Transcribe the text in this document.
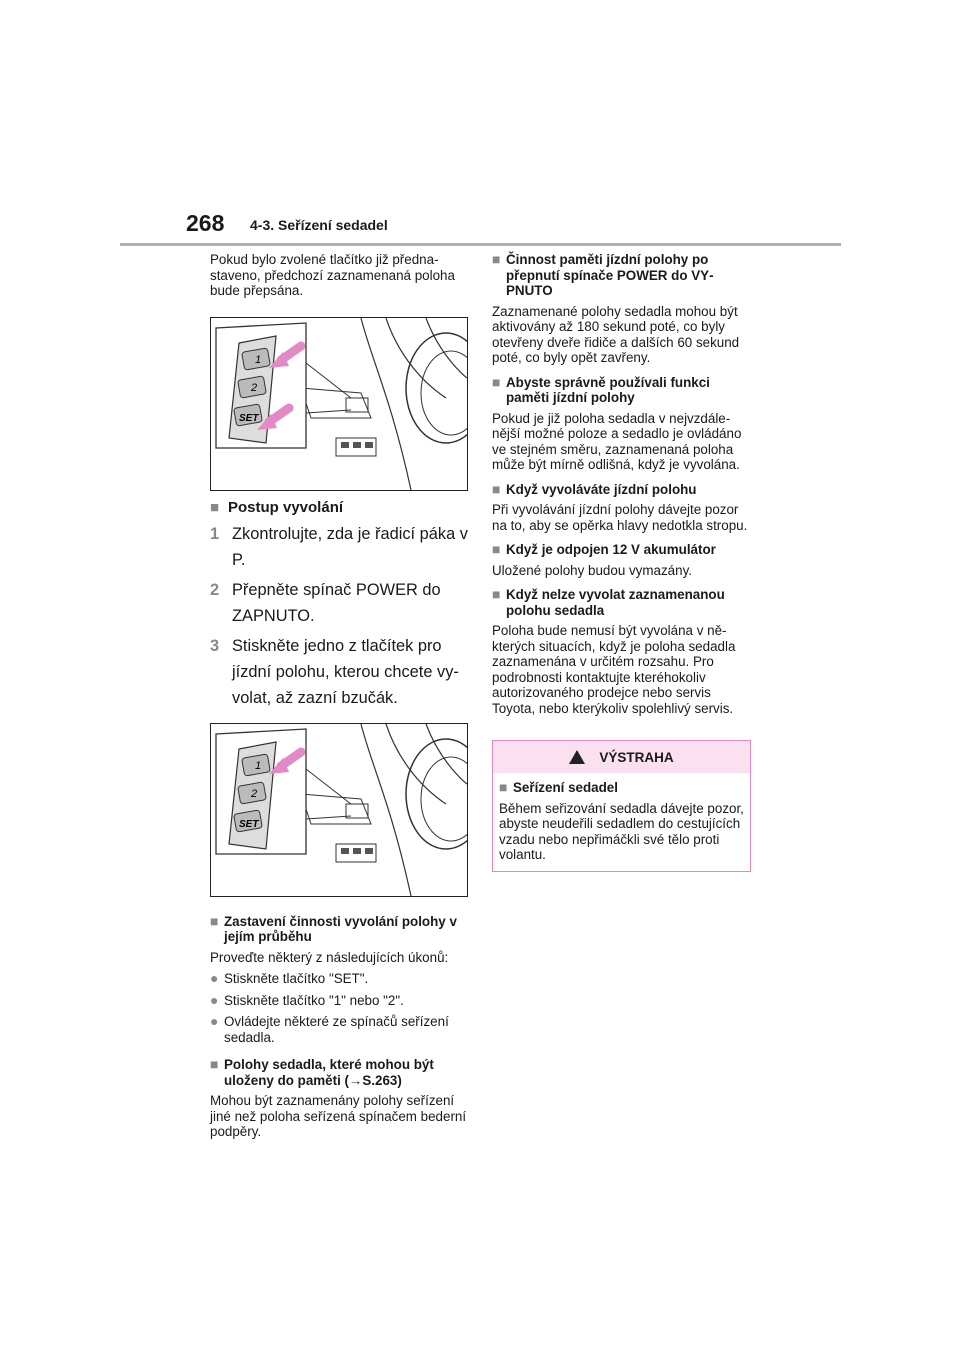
268 4-3. Seřízení sedadel

Pokud bylo zvolené tlačítko již přednastaveno, předchozí zaznamenaná poloha bude přepsána.

1
2
SET
■ Postup vyvolání
1 Zkontrolujte, zda je řadicí páka v P.
2 Přepněte spínač POWER do ZAPNUTO.
3 Stiskněte jedno z tlačítek pro jízdní polohu, kterou chcete vyvolat, až zazní bzučák.
1
2
SET
■ Zastavení činnosti vyvolání polohy v jejím průběhu

Proveďte některý z následujících úkonů:

● Stiskněte tlačítko "SET".
● Stiskněte tlačítko "1" nebo "2".
● Ovládejte některé ze spínačů seřízení sedadla.
■ Polohy sedadla, které mohou být uloženy do paměti (→S.263)

Mohou být zaznamenány polohy seřízení jiné než poloha seřízená spínačem bederní podpěry.

■ Činnost paměti jízdní polohy po přepnutí spínače POWER do VYPNUTO

Zaznamenané polohy sedadla mohou být aktivovány až 180 sekund poté, co byly otevřeny dveře řidiče a dalších 60 sekund poté, co byly opět zavřeny.

■ Abyste správně používali funkci paměti jízdní polohy

Pokud je již poloha sedadla v nejvzdálenější možné poloze a sedadlo je ovládáno ve stejném směru, zaznamenaná poloha může být mírně odlišná, když je vyvolána.

■ Když vyvoláváte jízdní polohu

Při vyvolávání jízdní polohy dávejte pozor na to, aby se opěrka hlavy nedotkla stropu.

■ Když je odpojen 12 V akumulátor

Uložené polohy budou vymazány.

■ Když nelze vyvolat zaznamenanou polohu sedadla

Poloha bude nemusí být vyvolána v některých situacích, když je poloha sedadla zaznamenána v určitém rozsahu. Pro podrobnosti kontaktujte kteréhokoliv autorizovaného prodejce nebo servis Toyota, nebo kterýkoliv spolehlivý servis.

VÝSTRAHA
■ Seřízení sedadel

Během seřizování sedadla dávejte pozor, abyste neudeřili sedadlem do cestujících vzadu nebo nepřimáčkli své tělo proti volantu.
